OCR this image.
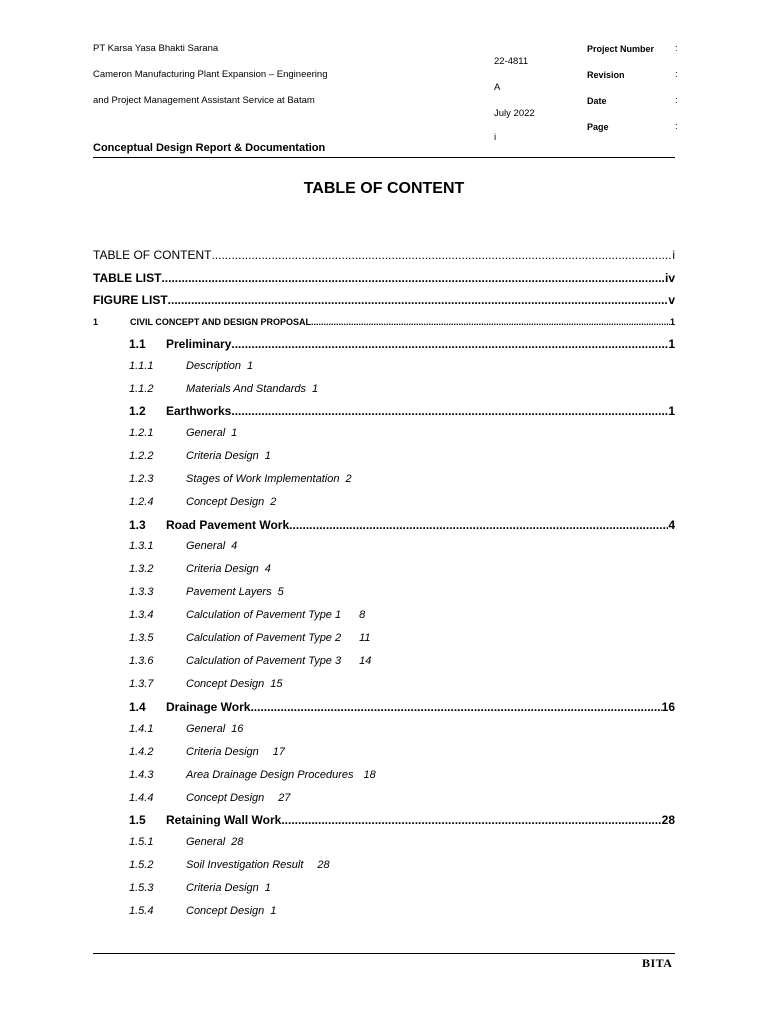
PT Karsa Yasa Bhakti Sarana
Cameron Manufacturing Plant Expansion – Engineering
and Project Management Assistant Service at Batam
Project Number :
22-4811
Revision	:
A
Date	:
July 2022
Page	:
i
Conceptual Design Report & Documentation
TABLE OF CONTENT
TABLE OF CONTENT .....	i
TABLE LIST .....	iv
FIGURE LIST .....	v
1	CIVIL CONCEPT AND DESIGN PROPOSAL .....	1
1.1 Preliminary .....	1
1.1.1	Description 1
1.1.2	Materials And Standards 1
1.2 Earthworks .....	1
1.2.1	General 1
1.2.2	Criteria Design 1
1.2.3	Stages of Work Implementation 2
1.2.4	Concept Design 2
1.3 Road Pavement Work .....	4
1.3.1	General 4
1.3.2	Criteria Design 4
1.3.3	Pavement Layers 5
1.3.4	Calculation of Pavement Type 1 8
1.3.5	Calculation of Pavement Type 2 11
1.3.6	Calculation of Pavement Type 3 14
1.3.7	Concept Design 15
1.4 Drainage Work .....	16
1.4.1	General 16
1.4.2	Criteria Design 17
1.4.3	Area Drainage Design Procedures 18
1.4.4	Concept Design 27
1.5 Retaining Wall Work .....	28
1.5.1	General 28
1.5.2	Soil Investigation Result 28
1.5.3	Criteria Design 1
1.5.4	Concept Design 1
BITA
